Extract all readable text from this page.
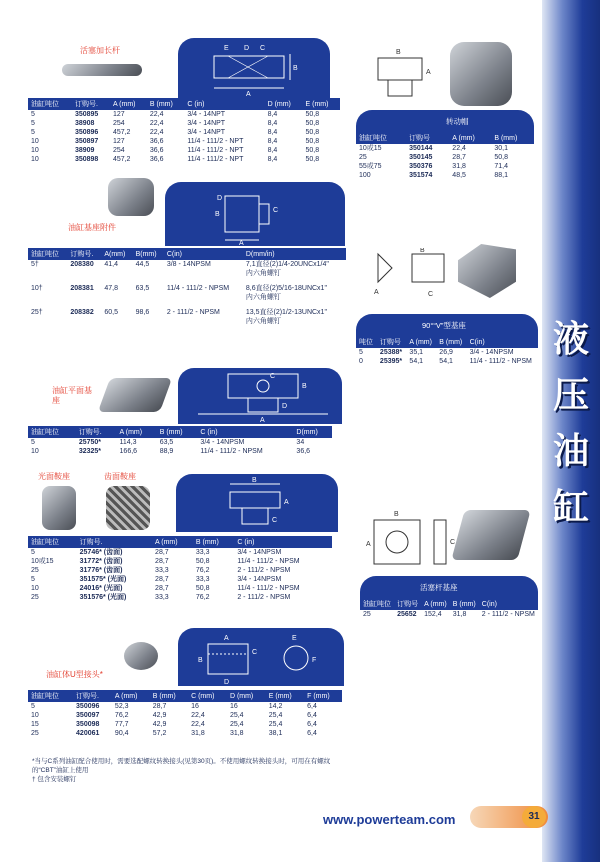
液压油缸
活塞加长杆
A
B
C
D
E
油缸吨位	订购号.	A (mm)	B (mm)	C (in)	D (mm)	E (mm)
5	350895	127	22,4	3/4 - 14NPT	8,4	50,8
5	38908	254	22,4	3/4 - 14NPT	8,4	50,8
5	350896	457,2	22,4	3/4 - 14NPT	8,4	50,8
10	350897	127	36,6	11/4 - 111/2 - NPT	8,4	50,8
10	38909	254	36,6	11/4 - 111/2 - NPT	8,4	50,8
10	350898	457,2	36,6	11/4 - 111/2 - NPT	8,4	50,8
油缸基座附件
A
B
C
D
油缸吨位	订购号.	A(mm)	B(mm)	C(in)	D(mm/in)
5†	208380	41,4	44,5	3/8 - 14NPSM	7,1直径(2)1/4-20UNCx1/4"
					内六角螺钉

10†	208381	47,8	63,5	11/4 - 111/2 - NPSM	8,6直径(2)5/16-18UNCx1"
					内六角螺钉

25†	208382	60,5	98,6	2 - 111/2 - NPSM	13,5直径(2)1/2-13UNCx1"
					内六角螺钉

油缸平面基座
A
B
C
D
油缸吨位	订购号.	A (mm)	B (mm)	C (in)	D(mm)
5	25750*	114,3	63,5	3/4 - 14NPSM	34
10	32325*	166,6	88,9	11/4 - 111/2 - NPSM	36,6
光面鞍座	齿面鞍座	B
A
C
油缸吨位	订购号.	A (mm)	B (mm)	C (in)
5	25746* (齿面)	28,7	33,3	3/4 - 14NPSM
10或15	31772* (齿面)	28,7	50,8	11/4 - 111/2 - NPSM
25	31776* (齿面)	33,3	76,2	2 - 111/2 - NPSM
5	351575* (光面)	28,7	33,3	3/4 - 14NPSM
10	24016* (光面)	28,7	50,8	11/4 - 111/2 - NPSM
25	351576* (光面)	33,3	76,2	2 - 111/2 - NPSM
油缸体U型接头*
A
B
C
D
E
F
油缸吨位	订购号.	A (mm)	B (mm)	C (mm)	D (mm)	E (mm)	F (mm)
5	350096	52,3	28,7	16	16	14,2	6,4
10	350097	76,2	42,9	22,4	25,4	25,4	6,4
15	350098	77,7	42,9	22,4	25,4	25,4	6,4
25	420061	90,4	57,2	31,8	31,8	38,1	6,4
*当与C系列油缸配合使用时，需要选配螺纹转换接头(见第30页)。不使用螺纹转换接头时，可用在有螺纹
的“CBT”油缸上使用
† 包含安装螺钉
B
A
转动帽
油缸吨位	订购号	A (mm)	B (mm)
10或15	350144	22,4	30,1
25	350145	28,7	50,8
55或75	350376	31,8	71,4
100	351574	48,5	88,1
B
C
A
90°“V”型基座
吨位	订购号	A (mm)	B (mm)	C(in)
5	25388*	35,1	26,9	3/4 - 14NPSM
0	25395*	54,1	54,1	11/4 - 111/2 - NPSM
B
A	C
活塞杆基座
油缸吨位	订购号	A (mm)	B (mm)	C(in)
25	25652	152,4	31,8	2 - 111/2 - NPSM
www.powerteam.com	31
